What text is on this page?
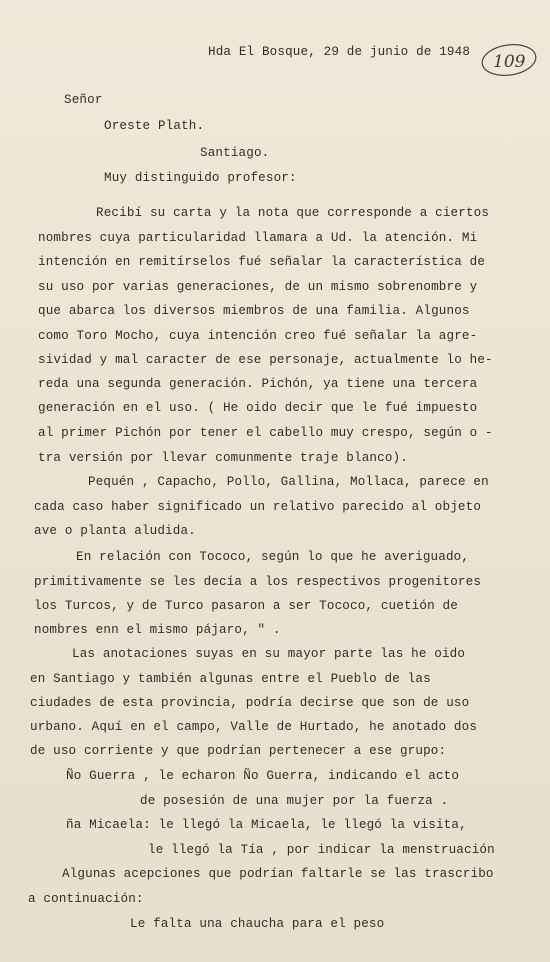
Hda El Bosque, 29 de junio de 1948 109
Señor
Oreste Plath.
Santiago.
Muy distinguido profesor:
Recibí su carta y la nota que corresponde a ciertos
nombres cuya particularidad llamara a Ud. la atención. Mi
intención en remitírselos fué señalar la característica de
su uso por varias generaciones, de un mismo sobrenombre y
que abarca los diversos miembros de una familia. Algunos
como Toro Mocho, cuya intención creo fué señalar la agre-
sividad y mal caracter de ese personaje, actualmente lo he-
reda una segunda generación. Pichón, ya tiene una tercera
generación en el uso. ( He oido decir que le fué impuesto
al primer Pichón por tener el cabello muy crespo, según o -
tra versión por llevar comunmente traje blanco).
Pequén , Capacho, Pollo, Gallina, Mollaca, parece en
cada caso haber significado un relativo parecido al objeto
ave o planta aludida.
En relación con Tococo, según lo que he averiguado,
primitivamente se les decía a los respectivos progenitores
los Turcos, y de Turco pasaron a ser Tococo, cuetión de
nombres enn el mismo pájaro, " .
Las anotaciones suyas en su mayor parte las he oido
en Santiago y también algunas entre el Pueblo de las
ciudades de esta provincia, podría decirse que son de uso
urbano. Aquí en el campo, Valle de Hurtado, he anotado dos
de uso corriente y que podrían pertenecer a ese grupo:
Ño Guerra , le echaron Ño Guerra, indicando el acto
de posesión de una mujer por la fuerza .
ña Micaela: le llegó la Micaela, le llegó la visita,
le llegó la Tía , por indicar la menstruación
Algunas acepciones que podrían faltarle se las trascribo
a continuación:
Le falta una chaucha para el peso
